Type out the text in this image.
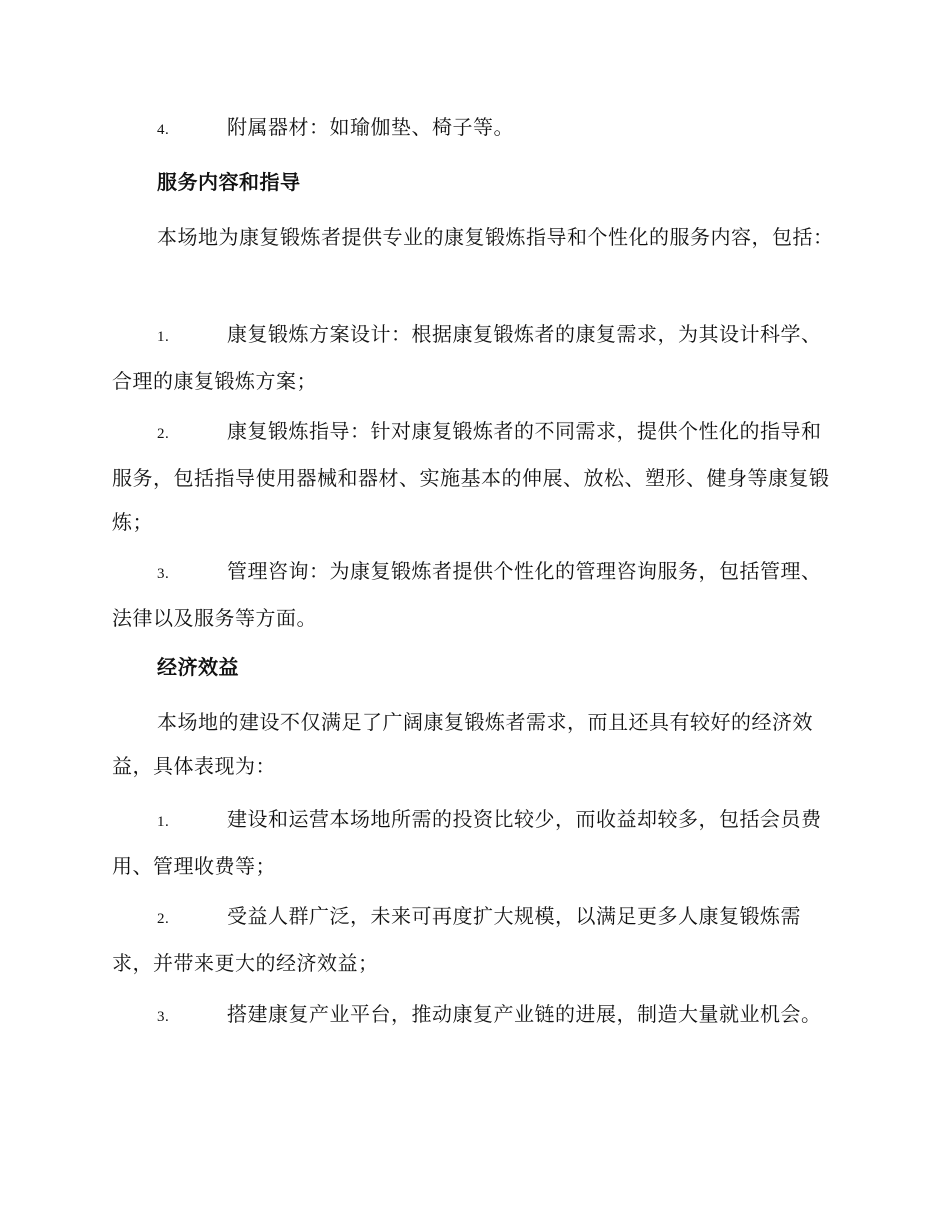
4.	附属器材：如瑜伽垫、椅子等。
服务内容和指导
本场地为康复锻炼者提供专业的康复锻炼指导和个性化的服务内容，包括：
1.	康复锻炼方案设计：根据康复锻炼者的康复需求，为其设计科学、合理的康复锻炼方案；
2.	康复锻炼指导：针对康复锻炼者的不同需求，提供个性化的指导和服务，包括指导使用器械和器材、实施基本的伸展、放松、塑形、健身等康复锻炼；
3.	管理咨询：为康复锻炼者提供个性化的管理咨询服务，包括管理、法律以及服务等方面。
经济效益
本场地的建设不仅满足了广阔康复锻炼者需求，而且还具有较好的经济效益，具体表现为：
1.	建设和运营本场地所需的投资比较少，而收益却较多，包括会员费用、管理收费等；
2.	受益人群广泛，未来可再度扩大规模，以满足更多人康复锻炼需求，并带来更大的经济效益；
3.	搭建康复产业平台，推动康复产业链的进展，制造大量就业机会。
